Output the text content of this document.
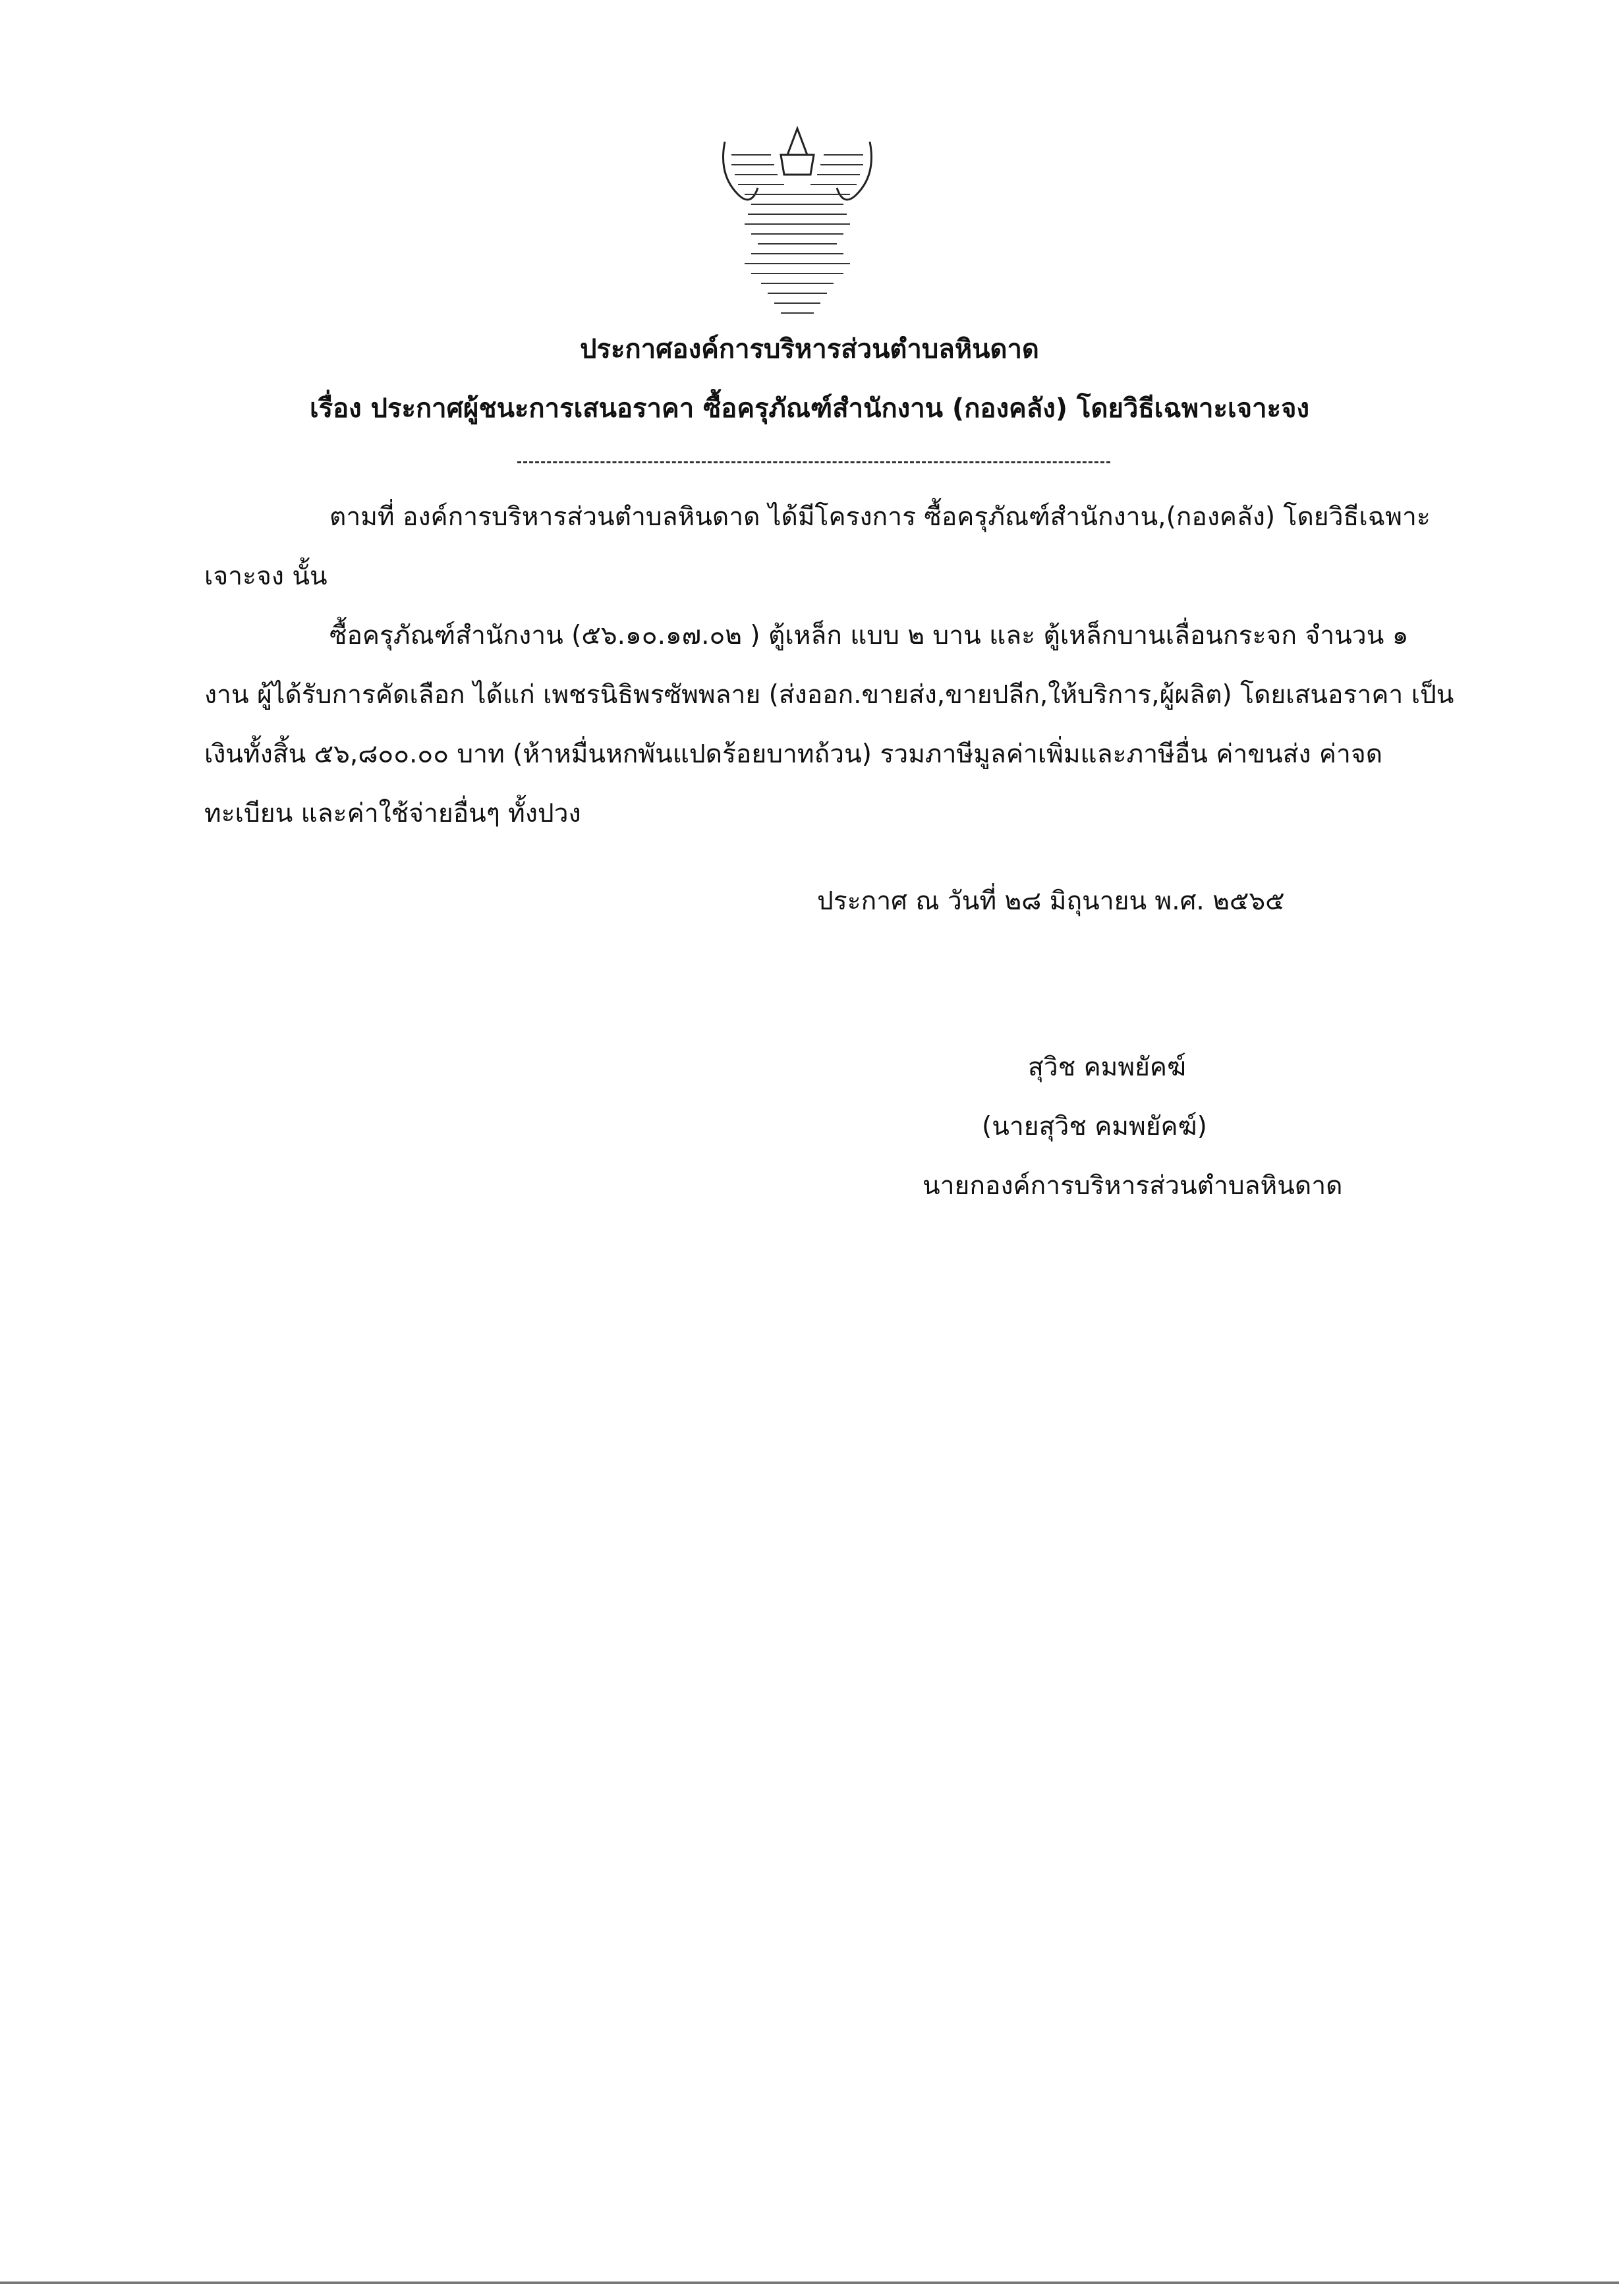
ประกาศองค์การบริหารส่วนตำบลหินดาด
เรื่อง ประกาศผู้ชนะการเสนอราคา ซื้อครุภัณฑ์สำนักงาน (กองคลัง) โดยวิธีเฉพาะเจาะจง
ตามที่ องค์การบริหารส่วนตำบลหินดาด ได้มีโครงการ ซื้อครุภัณฑ์สำนักงาน,(กองคลัง) โดยวิธีเฉพาะ
เจาะจง นั้น
ซื้อครุภัณฑ์สำนักงาน (๕๖.๑๐.๑๗.๐๒ ) ตู้เหล็ก แบบ ๒ บาน และ ตู้เหล็กบานเลื่อนกระจก จำนวน ๑
งาน ผู้ได้รับการคัดเลือก ได้แก่ เพชรนิธิพรซัพพลาย (ส่งออก.ขายส่ง,ขายปลีก,ให้บริการ,ผู้ผลิต) โดยเสนอราคา เป็น
เงินทั้งสิ้น ๕๖,๘๐๐.๐๐ บาท (ห้าหมื่นหกพันแปดร้อยบาทถ้วน) รวมภาษีมูลค่าเพิ่มและภาษีอื่น ค่าขนส่ง ค่าจด
ทะเบียน และค่าใช้จ่ายอื่นๆ ทั้งปวง
ประกาศ ณ วันที่ ๒๘ มิถุนายน พ.ศ. ๒๕๖๕
สุวิช คมพยัคฆ์
(นายสุวิช คมพยัคฆ์)
นายกองค์การบริหารส่วนตำบลหินดาด
